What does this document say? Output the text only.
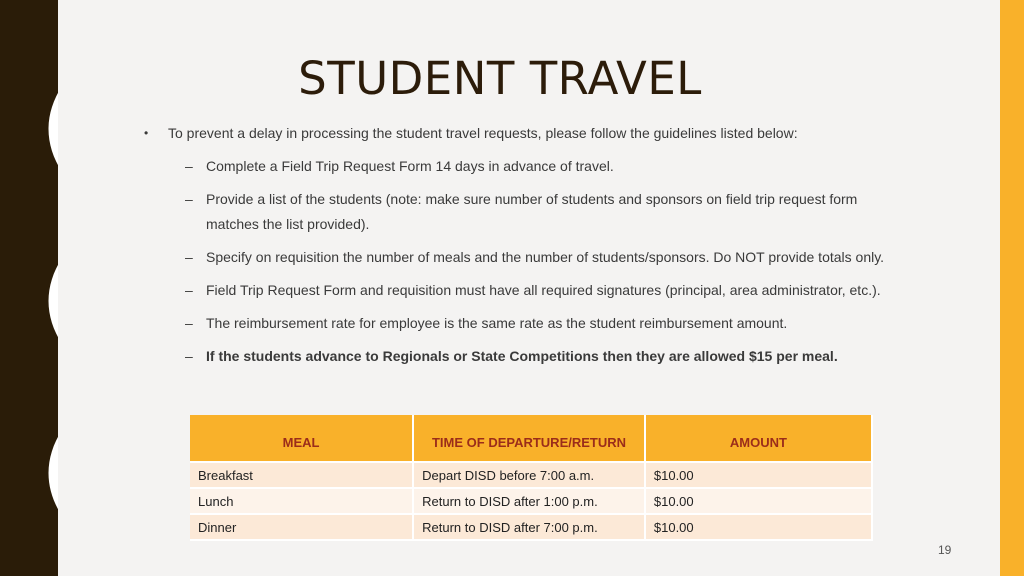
STUDENT TRAVEL
• To prevent a delay in processing the student travel requests, please follow the guidelines listed below:
– Complete a Field Trip Request Form 14 days in advance of travel.
– Provide a list of the students (note: make sure number of students and sponsors on field trip request form matches the list provided).
– Specify on requisition the number of meals and the number of students/sponsors. Do NOT provide totals only.
– Field Trip Request Form and requisition must have all required signatures (principal, area administrator, etc.).
– The reimbursement rate for employee is the same rate as the student reimbursement amount.
– If the students advance to Regionals or State Competitions then they are allowed $15 per meal.
MEAL	TIME OF DEPARTURE/RETURN	AMOUNT
Breakfast	Depart DISD before 7:00 a.m.	$10.00
Lunch	Return to DISD after 1:00 p.m.	$10.00
Dinner	Return to DISD after 7:00 p.m.	$10.00
19
